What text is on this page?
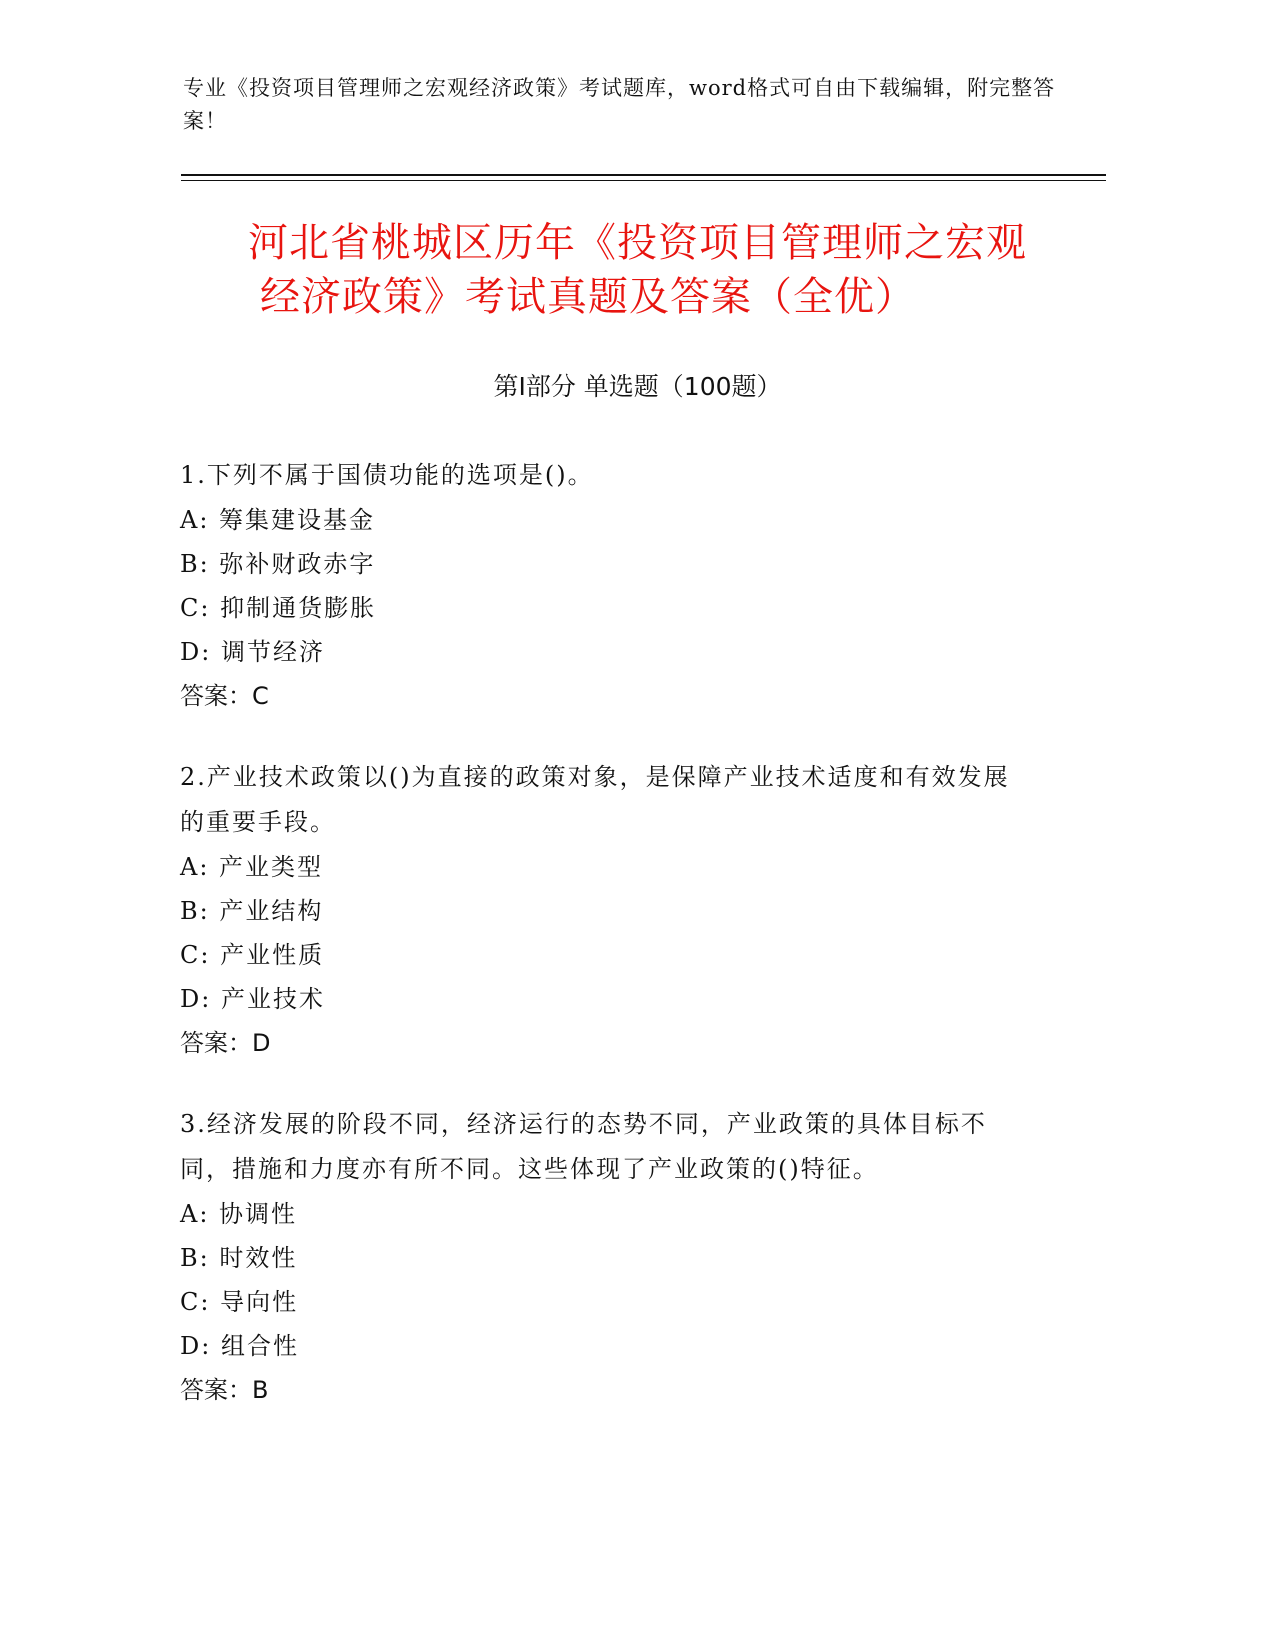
专业《投资项目管理师之宏观经济政策》考试题库，word格式可自由下载编辑，附完整答案！
河北省桃城区历年《投资项目管理师之宏观
经济政策》考试真题及答案（全优）
第Ⅰ部分 单选题（100题）

1.下列不属于国债功能的选项是()。

A: 筹集建设基金

B: 弥补财政赤字

C: 抑制通货膨胀

D: 调节经济

答案：C

2.产业技术政策以()为直接的政策对象，是保障产业技术适度和有效发展的重要手段。

A: 产业类型

B: 产业结构

C: 产业性质

D: 产业技术

答案：D

3.经济发展的阶段不同，经济运行的态势不同，产业政策的具体目标不同，措施和力度亦有所不同。这些体现了产业政策的()特征。

A: 协调性

B: 时效性

C: 导向性

D: 组合性

答案：B
